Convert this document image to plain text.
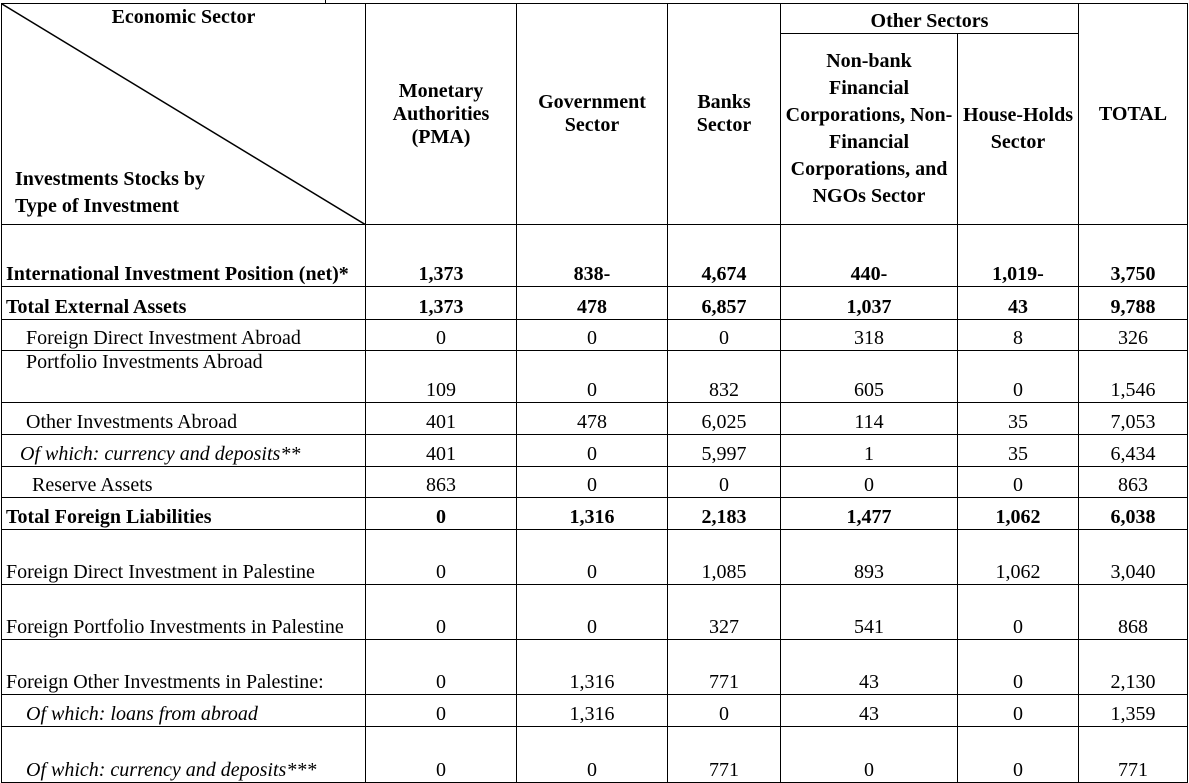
Economic Sector
Investments Stocks by
Type of Investment	Monetary Authorities (PMA)	Government Sector	Banks Sector	Other Sectors		TOTAL
				Non-bank Financial Corporations, Non-Financial Corporations, and NGOs Sector	House-Holds Sector	
International Investment Position (net)*	1,373	838-	4,674	440-	1,019-	3,750
Total External Assets	1,373	478	6,857	1,037	43	9,788
Foreign Direct Investment Abroad	0	0	0	318	8	326
Portfolio Investments Abroad	109	0	832	605	0	1,546
Other Investments Abroad	401	478	6,025	114	35	7,053
Of which: currency and deposits**	401	0	5,997	1	35	6,434
Reserve Assets	863	0	0	0	0	863
Total Foreign Liabilities	0	1,316	2,183	1,477	1,062	6,038
Foreign Direct Investment in Palestine	0	0	1,085	893	1,062	3,040
Foreign Portfolio Investments in Palestine	0	0	327	541	0	868
Foreign Other Investments in Palestine:	0	1,316	771	43	0	2,130
Of which: loans from abroad	0	1,316	0	43	0	1,359
Of which: currency and deposits***	0	0	771	0	0	771
